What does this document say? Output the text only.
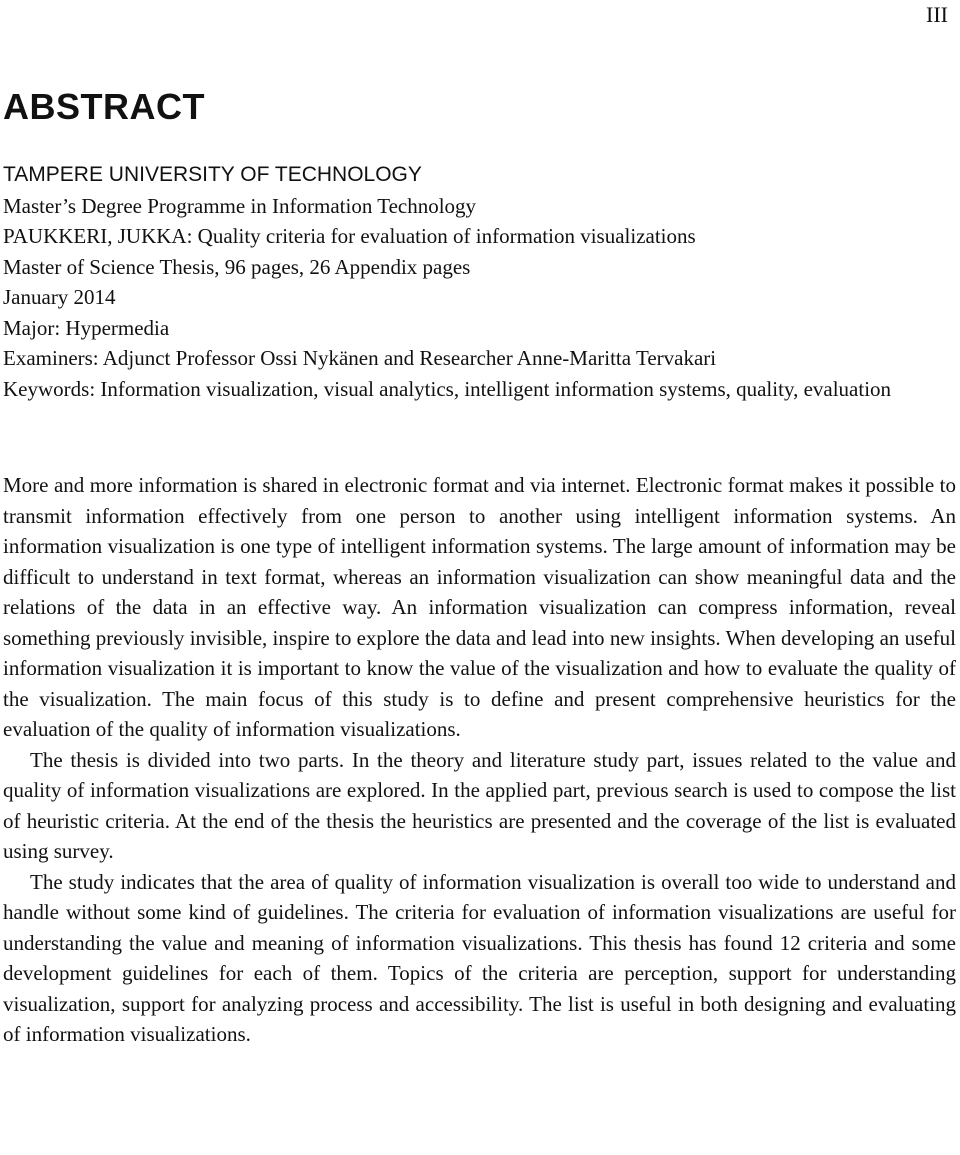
III
ABSTRACT
TAMPERE UNIVERSITY OF TECHNOLOGY
Master’s Degree Programme in Information Technology
PAUKKERI, JUKKA: Quality criteria for evaluation of information visualizations
Master of Science Thesis, 96 pages, 26 Appendix pages
January 2014
Major: Hypermedia
Examiners: Adjunct Professor Ossi Nykänen and Researcher Anne-Maritta Tervakari
Keywords: Information visualization, visual analytics, intelligent information systems, quality, evaluation

More and more information is shared in electronic format and via internet. Electronic format makes it possible to transmit information effectively from one person to another using intelligent information systems. An information visualization is one type of intelligent information systems. The large amount of information may be difficult to understand in text format, whereas an information visualization can show meaningful data and the relations of the data in an effective way. An information visualization can compress information, reveal something previously invisible, inspire to explore the data and lead into new insights. When developing an useful information visualization it is important to know the value of the visualization and how to evaluate the quality of the visualization. The main focus of this study is to define and present comprehensive heuristics for the evaluation of the quality of information visualizations.

The thesis is divided into two parts. In the theory and literature study part, issues related to the value and quality of information visualizations are explored. In the applied part, previous search is used to compose the list of heuristic criteria. At the end of the thesis the heuristics are presented and the coverage of the list is evaluated using survey.

The study indicates that the area of quality of information visualization is overall too wide to understand and handle without some kind of guidelines. The criteria for evaluation of information visualizations are useful for understanding the value and meaning of information visualizations. This thesis has found 12 criteria and some development guidelines for each of them. Topics of the criteria are perception, support for understanding visualization, support for analyzing process and accessibility. The list is useful in both designing and evaluating of information visualizations.
